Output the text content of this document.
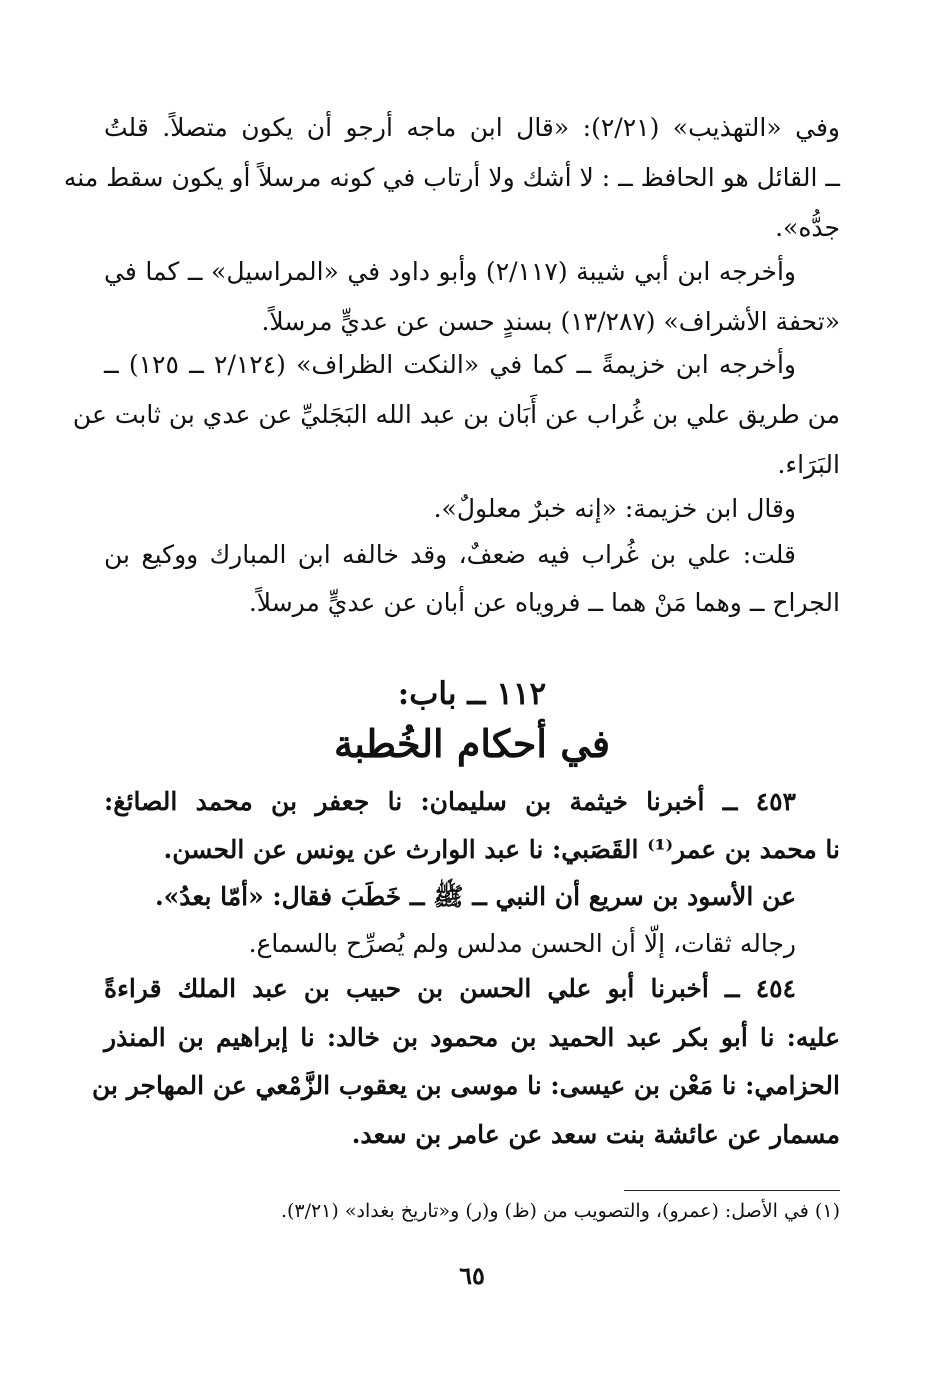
وفي «التهذيب» (٢/٢١): «قال ابن ماجه أرجو أن يكون متصلاً. قلتُ
ــ القائل هو الحافظ ــ : لا أشك ولا أرتاب في كونه مرسلاً أو يكون سقط منه
جدُّه».
وأخرجه ابن أبي شيبة (٢/١١٧) وأبو داود في «المراسيل» ــ كما في
«تحفة الأشراف» (١٣/٢٨٧) بسندٍ حسن عن عديٍّ مرسلاً.
وأخرجه ابن خزيمةً ــ كما في «النكت الظراف» (٢/١٢٤ ــ ١٢٥) ــ
من طريق علي بن غُراب عن أَبَان بن عبد الله البَجَليِّ عن عدي بن ثابت عن
البَرَاء.
وقال ابن خزيمة: «إنه خبرٌ معلولٌ».
قلت: علي بن غُراب فيه ضعفٌ، وقد خالفه ابن المبارك ووكيع بن
الجراح ــ وهما مَنْ هما ــ فروياه عن أبان عن عديٍّ مرسلاً.
١١٢ ــ باب:
في أحكام الخُطبة
٤٥٣ ــ أخبرنا خيثمة بن سليمان: نا جعفر بن محمد الصائغ:
نا محمد بن عمر⁽¹⁾ القَصَبي: نا عبد الوارث عن يونس عن الحسن.
عن الأسود بن سريع أن النبي ــ ﷺ ــ خَطَبَ فقال: «أمّا بعدُ».
رجاله ثقات، إلّا أن الحسن مدلس ولم يُصرِّح بالسماع.
٤٥٤ ــ أخبرنا أبو علي الحسن بن حبيب بن عبد الملك قراءةً
عليه: نا أبو بكر عبد الحميد بن محمود بن خالد: نا إبراهيم بن المنذر
الحزامي: نا مَعْن بن عيسى: نا موسى بن يعقوب الزَّمْعي عن المهاجر بن
مسمار عن عائشة بنت سعد عن عامر بن سعد.
(١) في الأصل: (عمرو)، والتصويب من (ظ) و(ر) و«تاريخ بغداد» (٣/٢١).
٦٥
